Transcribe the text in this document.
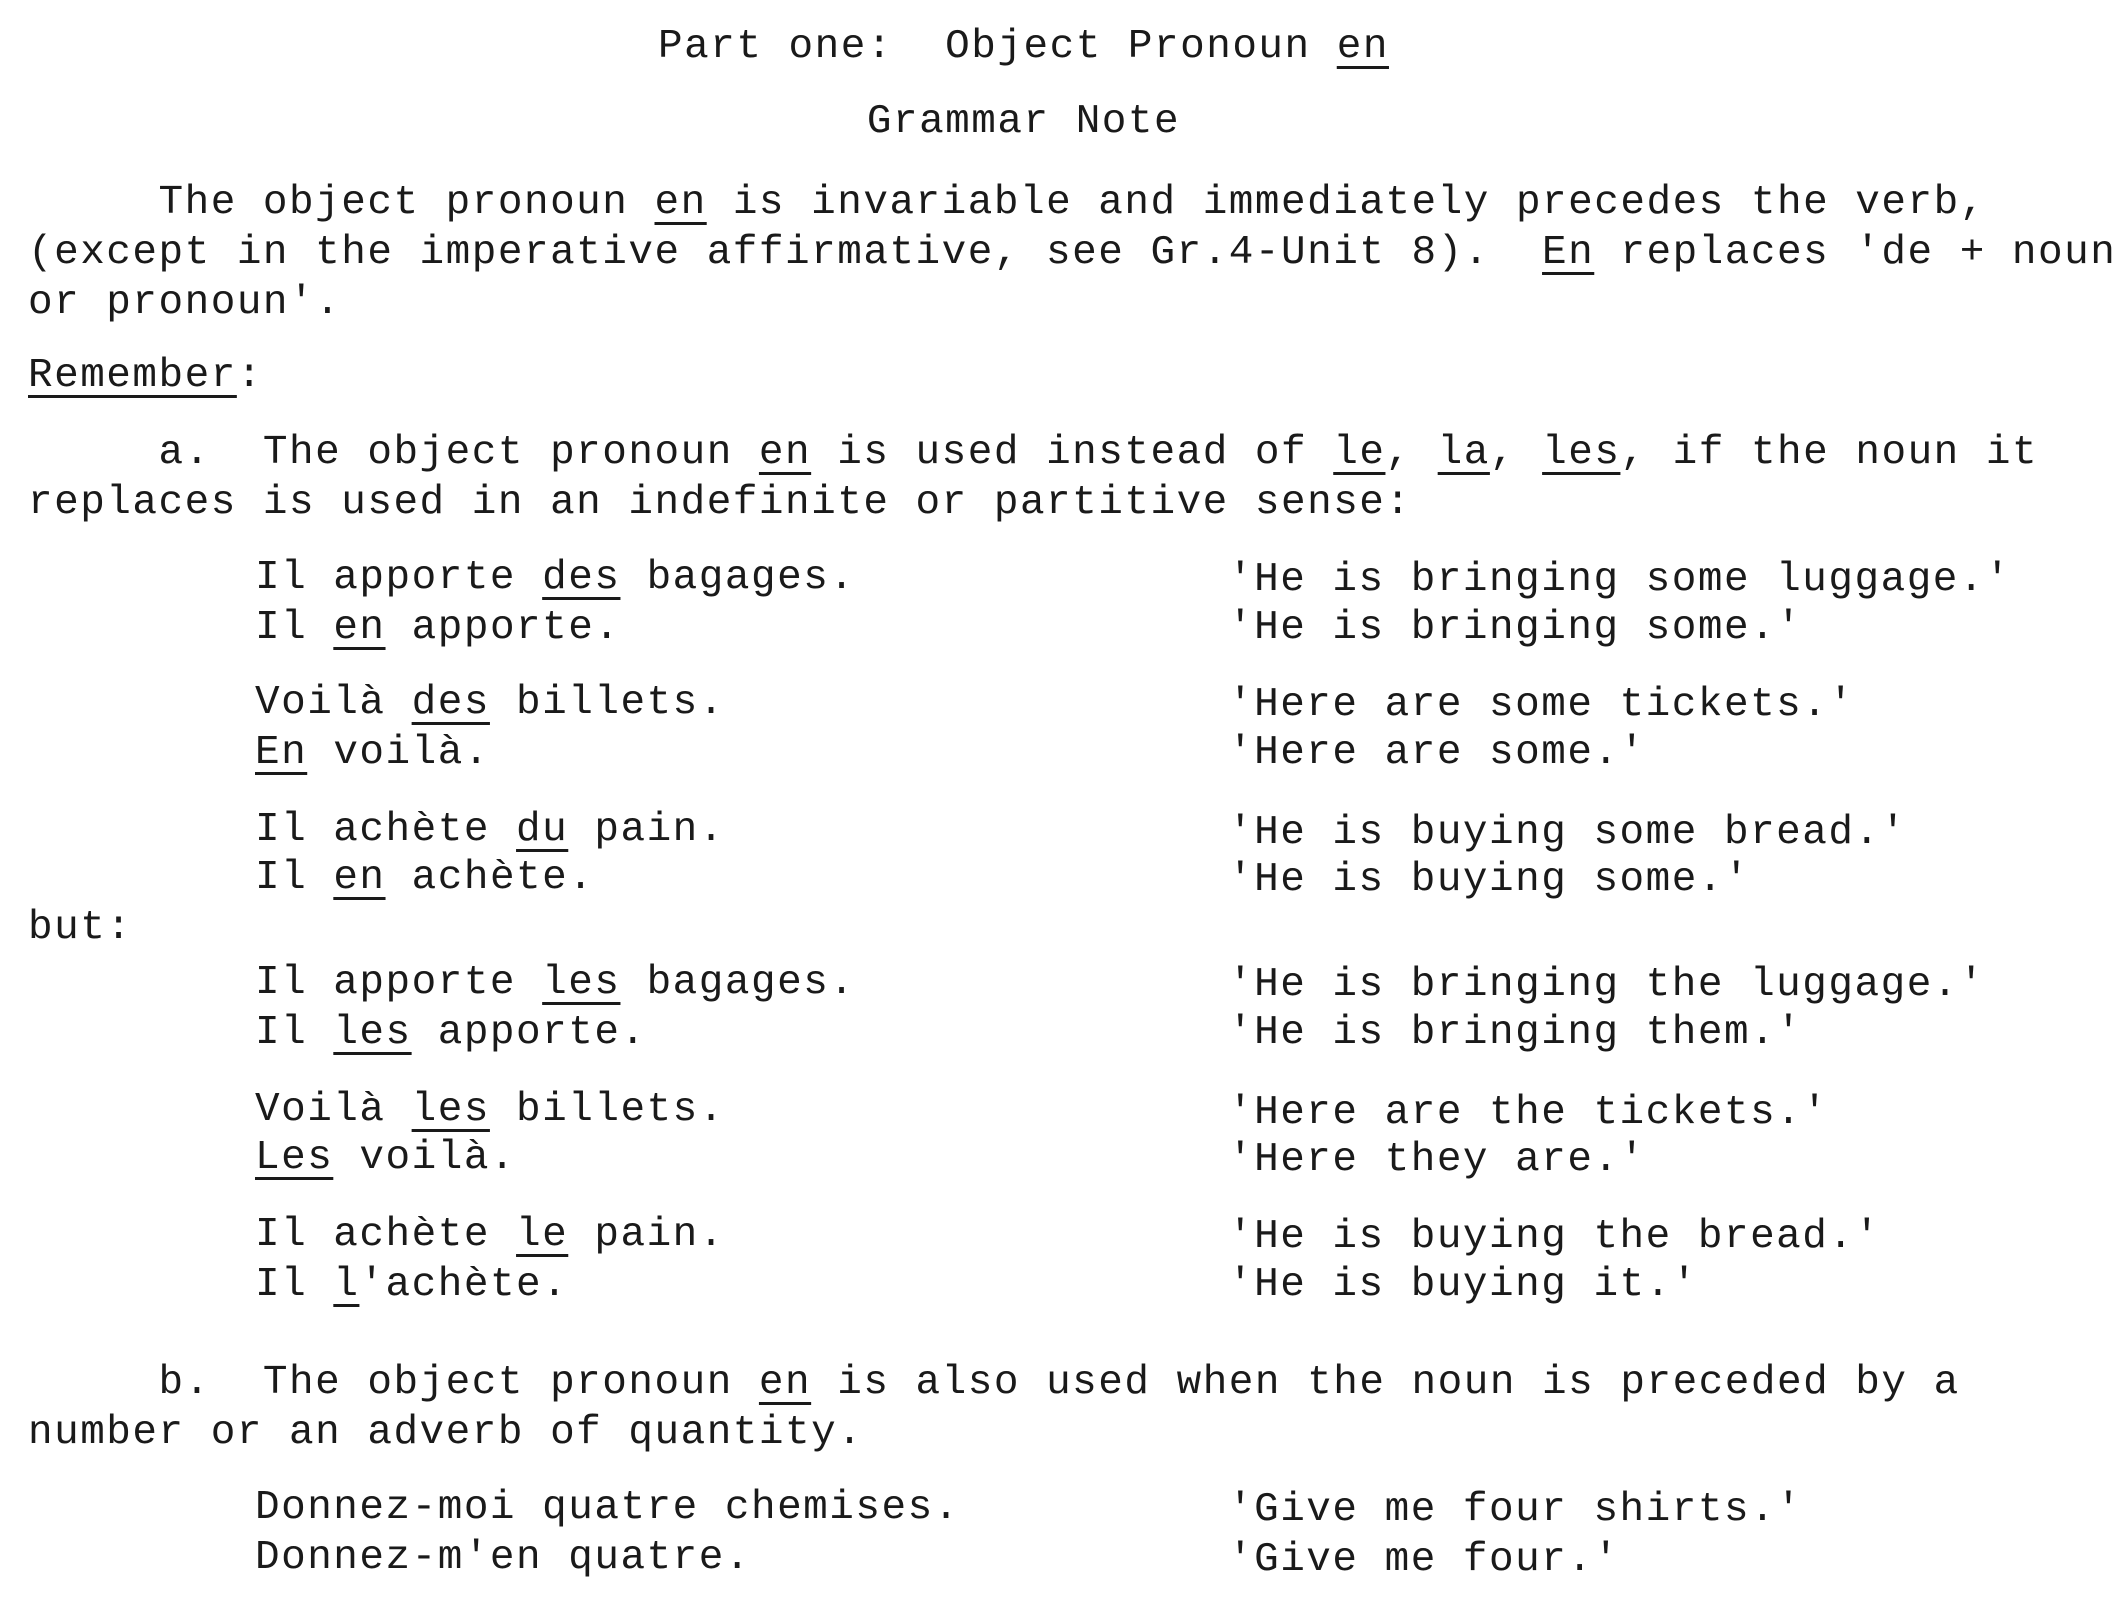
Part one:  Object Pronoun en
Grammar Note
The object pronoun en is invariable and immediately precedes the verb,
(except in the imperative affirmative, see Gr.4-Unit 8).  En replaces 'de + noun
or pronoun'.
Remember:
a.  The object pronoun en is used instead of le, la, les, if the noun it
replaces is used in an indefinite or partitive sense:
Il apporte des bagages.	'He is bringing some luggage.'
Il en apporte.	'He is bringing some.'
Voilà des billets.	'Here are some tickets.'
En voilà.	'Here are some.'
Il achète du pain.	'He is buying some bread.'
Il en achète.	'He is buying some.'
but:
Il apporte les bagages.	'He is bringing the luggage.'
Il les apporte.	'He is bringing them.'
Voilà les billets.	'Here are the tickets.'
Les voilà.	'Here they are.'
Il achète le pain.	'He is buying the bread.'
Il l'achète.	'He is buying it.'
b.  The object pronoun en is also used when the noun is preceded by a
number or an adverb of quantity.
Donnez-moi quatre chemises.	'Give me four shirts.'
Donnez-m'en quatre.	'Give me four.'
